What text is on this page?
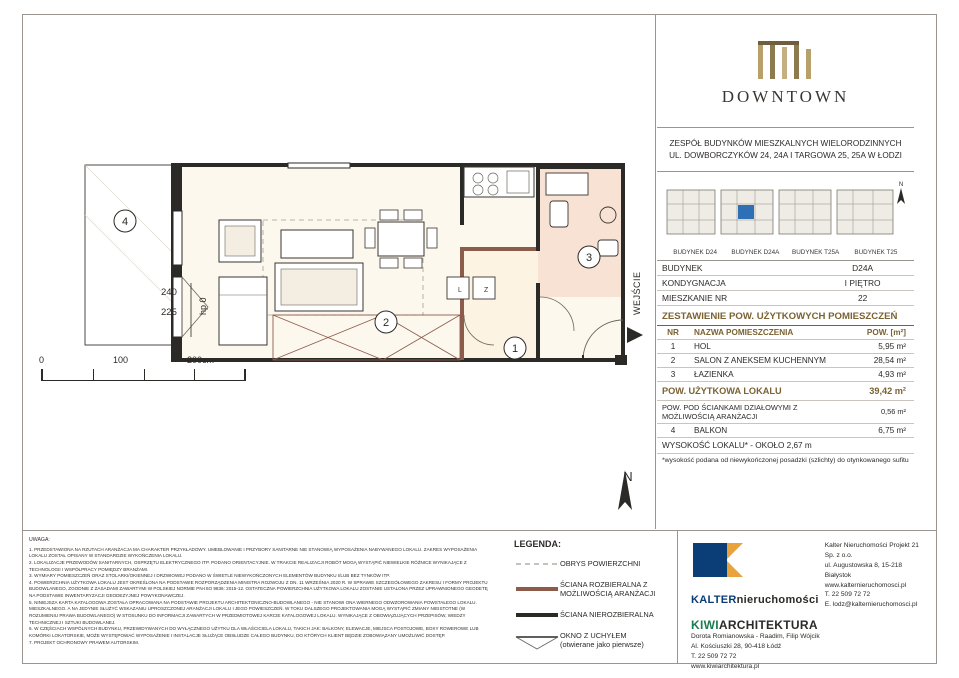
1
2
3
4
L	Z
240
225 hp 0	WEJŚCIE
N
0	100	200cm
DOWNTOWN
ZESPÓŁ BUDYNKÓW MIESZKALNYCH WIELORODZINNYCH
UL. DOWBORCZYKÓW 24, 24A I TARGOWA 25, 25A W ŁODZI
N
BUDYNEK D24	BUDYNEK D24A	BUDYNEK T25A	BUDYNEK T25
BUDYNEK	D24A
KONDYGNACJA	I PIĘTRO
MIESZKANIE NR	22
ZESTAWIENIE POW. UŻYTKOWYCH POMIESZCZEŃ
NR	NAZWA POMIESZCZENIA	POW. [m²]
1	HOL	5,95 m²
2	SALON Z ANEKSEM KUCHENNYM	28,54 m²
3	ŁAZIENKA	4,93 m²
POW. UŻYTKOWA LOKALU		39,42 m²
POW. POD ŚCIANKAMI DZIAŁOWYMI Z MOŻLIWOŚCIĄ ARANŻACJI		0,56 m²
4	BALKON	6,75 m²
WYSOKOŚĆ LOKALU* - OKOŁO 2,67 m
*wysokość podana od niewykończonej posadzki (szlichty) do otynkowanego sufitu
UWAGA:
1. PRZEDSTAWIONA NA RZUTACH ARANŻACJA MA CHARAKTER PRZYKŁADOWY. UMEBLOWANIE I PRZYBORY SANITARNE NIE STANOWIĄ WYPOSAŻENIA NABYWANEGO LOKALU. ZAKRES WYPOSAŻENIA LOKALU ZOSTAŁ OPISANY W STANDARDZIE WYKOŃCZENIA LOKALU.
2. LOKALIZACJE PRZEWODÓW SANITARNYCH, OSPRZĘTU ELEKTRYCZNEGO ITP. PODANO ORIENTACYJNIE. W TRAKCIE REALIZACJI ROBÓT MOGĄ WYSTĄPIĆ NIEWIELKIE RÓŻNICE WYNIKAJĄCE Z TECHNOLOGII I WSPÓŁPRACY POMIĘDZY BRANŻAMI.
3. WYMIARY POMIESZCZEŃ ORAZ STOLARKI/OKIENNEJ I DRZWIOWEJ PODANO W ŚWIETLE NIEWYKOŃCZONYCH ELEMENTÓW BUDYNKU I/LUB BEZ TYNKÓW ITP.
4. POWIERZCHNIA UŻYTKOWA LOKALU JEST OKREŚLONA NA PODSTAWIE ROZPORZĄDZENIA MINISTRA ROZWOJU Z DN. 11 WRZEŚNIA 2020 R. W SPRAWIE SZCZEGÓŁOWEGO ZAKRESU I FORMY PROJEKTU BUDOWLANEGO, ZGODNIE Z ZASADAMI ZAWARTYMI W POLSKIEJ NORMIE PN-ISO 9836: 2015-12. OSTATECZNA POWIERZCHNIA UŻYTKOWA LOKALU ZOSTANIE USTALONA PRZEZ UPRAWNIONEGO GEODETĘ NA PODSTAWIE INWENTARYZACJI GEODEZYJNEJ POWYKONAWCZEJ.
5. NINIEJSZA KARTA KATALOGOWA ZOSTAŁA OPRACOWANA NA PODSTAWIE PROJEKTU ARCHITEKTONICZNO-BUDOWLANEGO - NIE STANOWI ONA WIERNEGO ODWZOROWANIA POWSTAŁEGO LOKALU. MIESZKALNEGO. A NA JEDYNIE SŁUŻYĆ WSKAZANIU UPROSZCZONEJ ARANŻACJI LOKALU I JEGO POWIESZCZEŃ. W TOKU DALSZEGO PROJEKTOWANIA MOGĄ WYSTĄPIĆ ZMIANY NIEISTOTNE (W ROZUMIENIU PRAWA BUDOWLANEGO) W STOSUNKU DO INFORMACJI ZAWARTYCH W PRZEDMIOTOWEJ KARCIE KATALOGOWEJ LOKALU. WYNIKAJĄCE Z OBOWIĄZUJĄCYCH PRZEPISÓW, WIEDZY TECHNICZNEJ I SZTUKI BUDOWLANEJ.
6. W CZĘŚCIACH WSPÓLNYCH BUDYNKU, PRZEWIDYWANYCH DO WYŁĄCZNEGO UŻYTKU DLA WŁAŚCICIELA LOKALU, TAKICH JAK: BALKONY, ELEWACJE, MIEJSCA POSTOJOWE, BOXY ROWEROWE LUB KOMÓRKI LOKATORSKIE, MOŻE WYSTĘPOWAĆ WYPOSAŻENIE I INSTALACJE SŁUŻĄCE OBSŁUDZE CAŁEGO BUDYNKU, DO KTÓRYCH KLIENT BĘDZIE ZOBOWIĄZANY UMOŻLIWIĆ DOSTĘP.
7. PROJEKT OCHRONOWY PRAWEM AUTORSKIM.
LEGENDA:
OBRYS POWIERZCHNI
ŚCIANA ROZBIERALNA Z MOŻLIWOŚCIĄ ARANŻACJI
ŚCIANA NIEROZBIERALNA
OKNO Z UCHYŁEM
(otwierane jako pierwsze)

KALTERnieruchomości
Kalter Nieruchomości Projekt 21 Sp. z o.o.
ul. Augustowska 8, 15-218 Białystok
www.kalternieruchomosci.pl
T. 22 509 72 72
E. lodz@kalternieruchomosci.pl
KIWIARCHITEKTURA
Dorota Romianowska - Raadim, Filip Wójcik
Al. Kościuszki 28, 90-418 Łódź
T. 22 509 72 72
www.kiwiarchitektura.pl
